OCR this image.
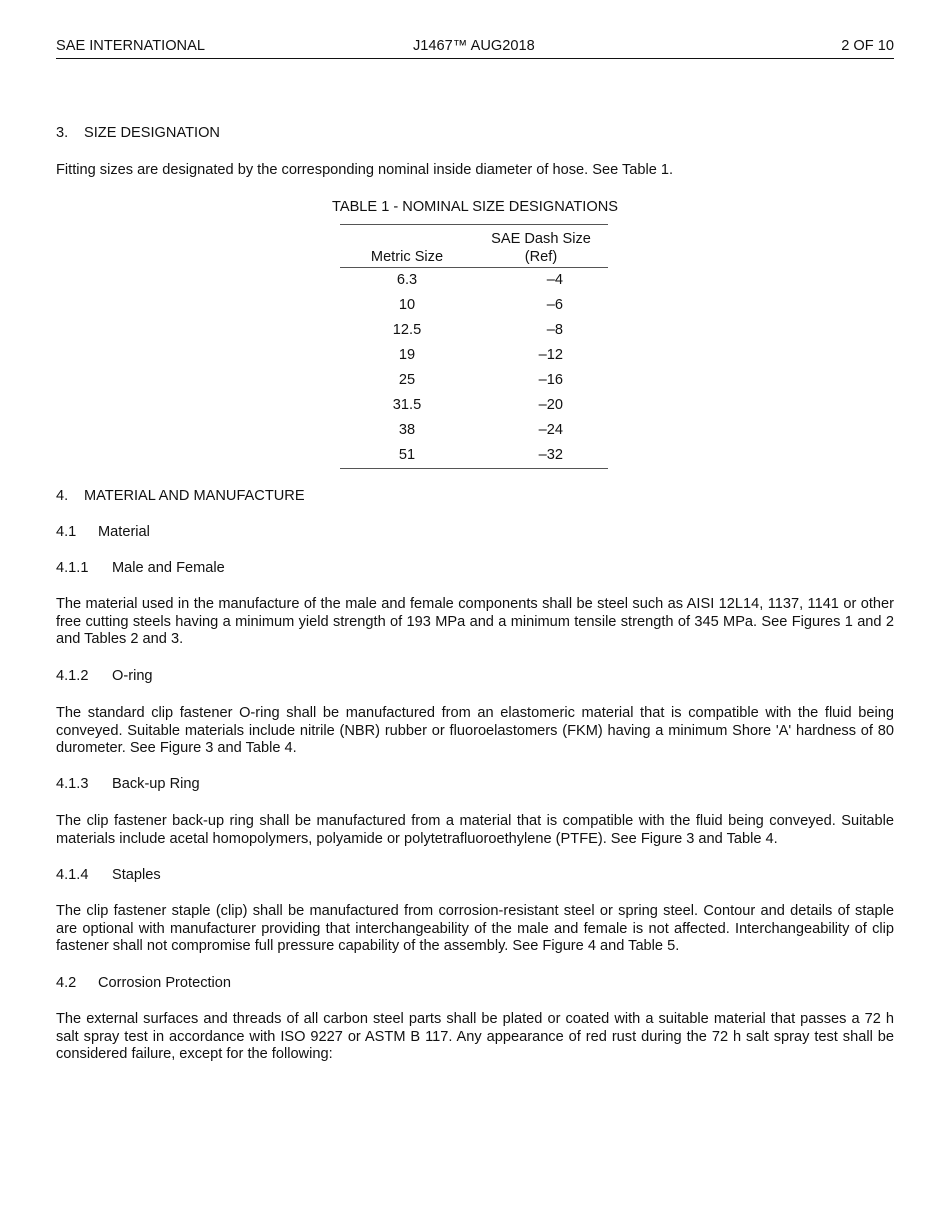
SAE INTERNATIONAL	J1467™ AUG2018	2 OF 10
3. SIZE DESIGNATION
Fitting sizes are designated by the corresponding nominal inside diameter of hose. See Table 1.
TABLE 1 - NOMINAL SIZE DESIGNATIONS
Metric Size	SAE Dash Size
(Ref)

6.3	–4
10	–6
12.5	–8
19	–12
25	–16
31.5	–20
38	–24
51	–32
4. MATERIAL AND MANUFACTURE
4.1 Material
4.1.1 Male and Female
The material used in the manufacture of the male and female components shall be steel such as AISI 12L14, 1137, 1141 or other free cutting steels having a minimum yield strength of 193 MPa and a minimum tensile strength of 345 MPa. See Figures 1 and 2 and Tables 2 and 3.
4.1.2 O-ring
The standard clip fastener O-ring shall be manufactured from an elastomeric material that is compatible with the fluid being conveyed. Suitable materials include nitrile (NBR) rubber or fluoroelastomers (FKM) having a minimum Shore 'A' hardness of 80 durometer. See Figure 3 and Table 4.
4.1.3 Back-up Ring
The clip fastener back-up ring shall be manufactured from a material that is compatible with the fluid being conveyed. Suitable materials include acetal homopolymers, polyamide or polytetrafluoroethylene (PTFE). See Figure 3 and Table 4.
4.1.4 Staples
The clip fastener staple (clip) shall be manufactured from corrosion-resistant steel or spring steel. Contour and details of staple are optional with manufacturer providing that interchangeability of the male and female is not affected. Interchangeability of clip fastener shall not compromise full pressure capability of the assembly. See Figure 4 and Table 5.
4.2 Corrosion Protection
The external surfaces and threads of all carbon steel parts shall be plated or coated with a suitable material that passes a 72 h salt spray test in accordance with ISO 9227 or ASTM B 117. Any appearance of red rust during the 72 h salt spray test shall be considered failure, except for the following:
